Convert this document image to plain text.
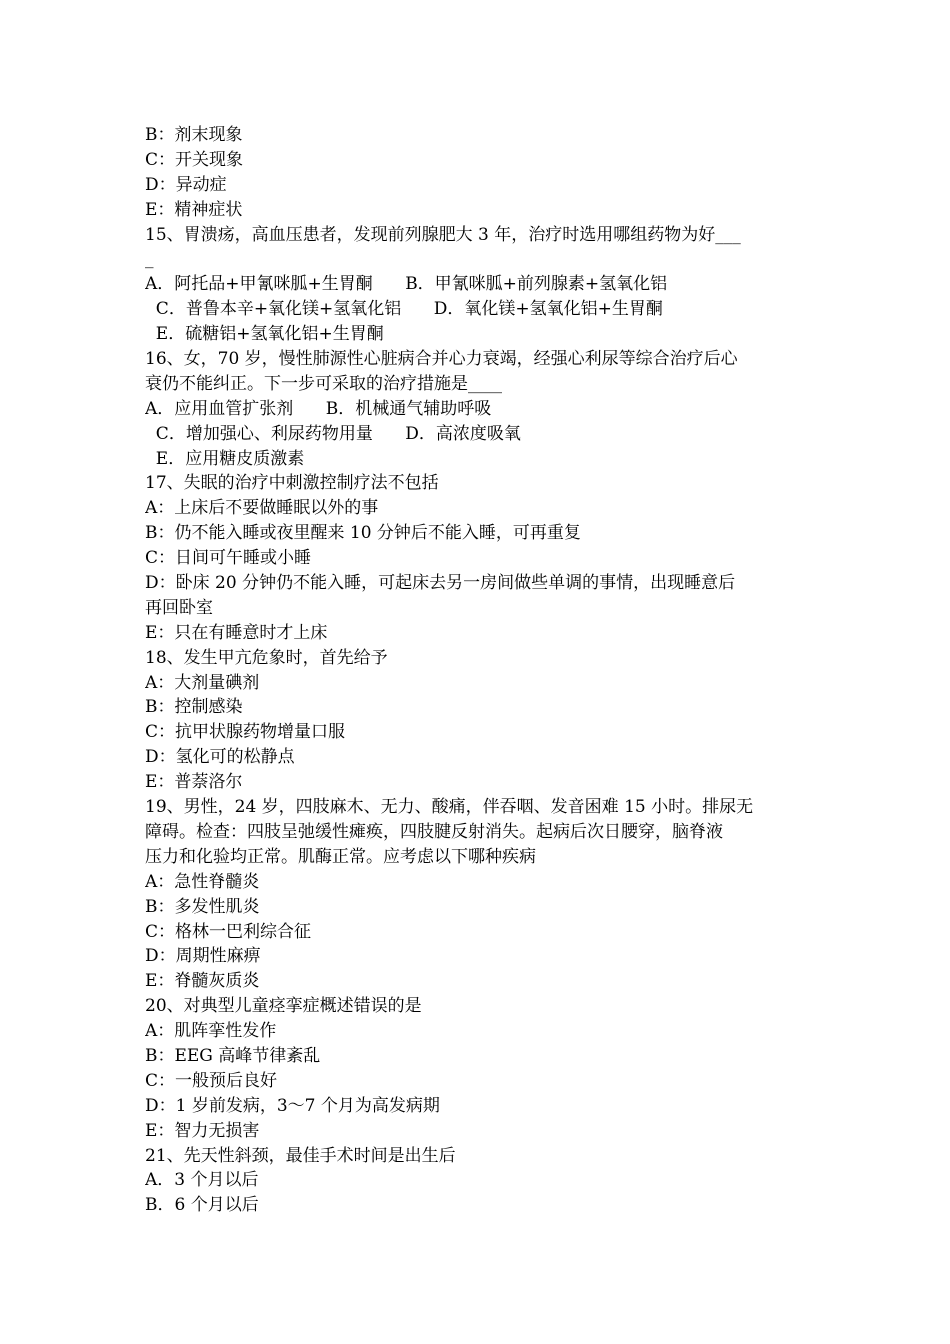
B：剂末现象
C：开关现象
D：异动症
E：精神症状
15、胃溃疡，高血压患者，发现前列腺肥大 3 年，治疗时选用哪组药物为好___
_
A．阿托品+甲氰咪胍+生胃酮      B．甲氰咪胍+前列腺素+氢氧化铝
C．普鲁本辛+氧化镁+氢氧化铝      D．氧化镁+氢氧化铝+生胃酮
E．硫糖铝+氢氧化铝+生胃酮
16、女，70 岁，慢性肺源性心脏病合并心力衰竭，经强心利尿等综合治疗后心
衰仍不能纠正。下一步可采取的治疗措施是____
A．应用血管扩张剂      B．机械通气辅助呼吸
C．增加强心、利尿药物用量      D．高浓度吸氧
E．应用糖皮质激素
17、失眠的治疗中刺激控制疗法不包括
A：上床后不要做睡眠以外的事
B：仍不能入睡或夜里醒来 10 分钟后不能入睡，可再重复
C：日间可午睡或小睡
D：卧床 20 分钟仍不能入睡，可起床去另一房间做些单调的事情，出现睡意后
再回卧室
E：只在有睡意时才上床
18、发生甲亢危象时，首先给予
A：大剂量碘剂
B：控制感染
C：抗甲状腺药物增量口服
D：氢化可的松静点
E：普萘洛尔
19、男性，24 岁，四肢麻木、无力、酸痛，伴吞咽、发音困难 15 小时。排尿无
障碍。检查：四肢呈弛缓性瘫痪，四肢腱反射消失。起病后次日腰穿，脑脊液
压力和化验均正常。肌酶正常。应考虑以下哪种疾病
A：急性脊髓炎
B：多发性肌炎
C：格林一巴利综合征
D：周期性麻痹
E：脊髓灰质炎
20、对典型儿童痉挛症概述错误的是
A：肌阵挛性发作
B：EEG 高峰节律紊乱
C：一般预后良好
D：1 岁前发病，3～7 个月为高发病期
E：智力无损害
21、先天性斜颈，最佳手术时间是出生后
A．3 个月以后
B．6 个月以后
